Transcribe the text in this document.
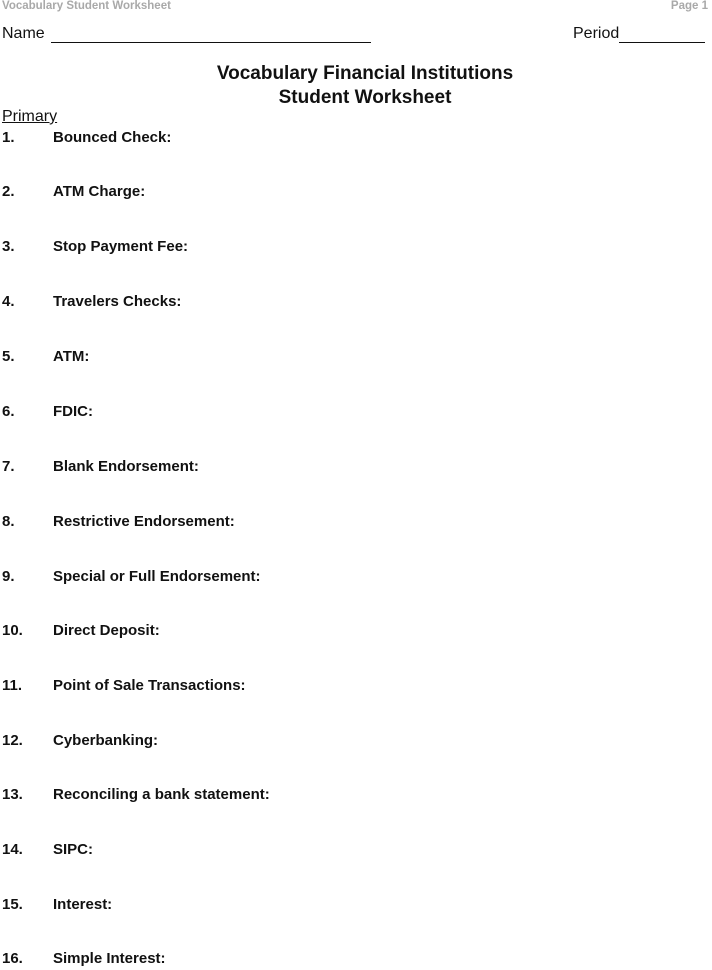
Vocabulary Student Worksheet	Page 1
Name	Period
Vocabulary Financial Institutions
Student Worksheet
Primary
1.	Bounced Check:
2.	ATM Charge:
3.	Stop Payment Fee:
4.	Travelers Checks:
5.	ATM:
6.	FDIC:
7.	Blank Endorsement:
8.	Restrictive Endorsement:
9.	Special or Full Endorsement:
10.	Direct Deposit:
11.	Point of Sale Transactions:
12.	Cyberbanking:
13.	Reconciling a bank statement:
14.	SIPC:
15.	Interest:
16.	Simple Interest:
